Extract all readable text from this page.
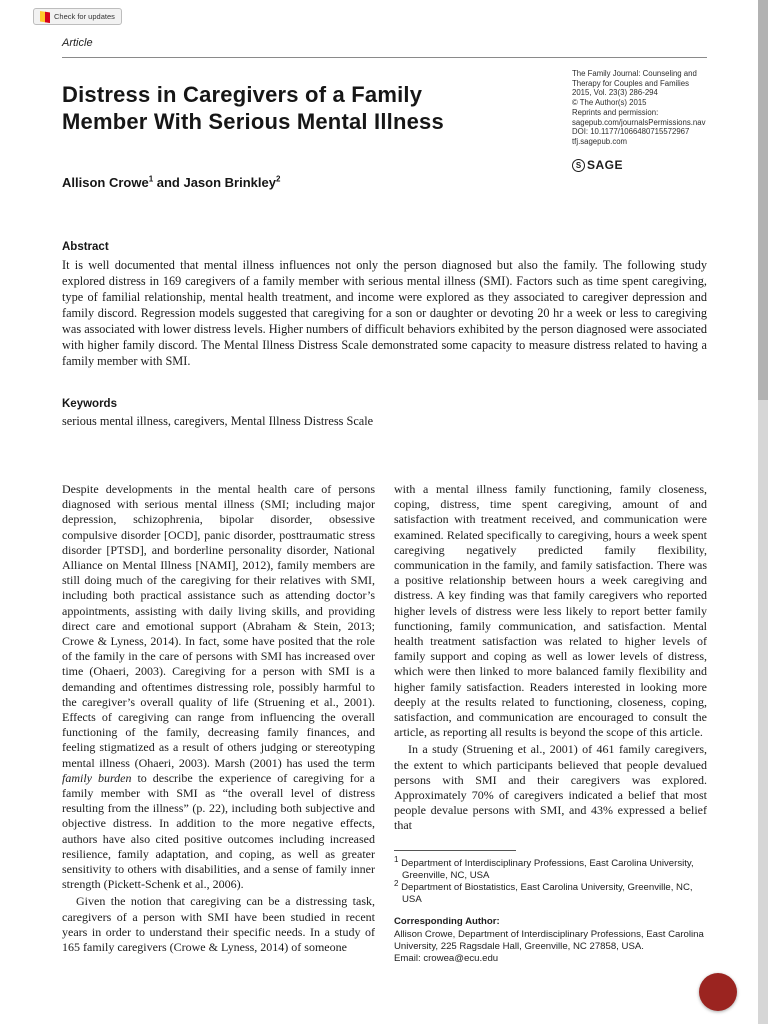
Check for updates
Article
Distress in Caregivers of a Family
Member With Serious Mental Illness
The Family Journal: Counseling and
Therapy for Couples and Families
2015, Vol. 23(3) 286-294
© The Author(s) 2015
Reprints and permission:
sagepub.com/journalsPermissions.nav
DOI: 10.1177/1066480715572967
tfj.sagepub.com
S SAGE
Allison Crowe$^1$ and Jason Brinkley$^2$
Abstract
It is well documented that mental illness influences not only the person diagnosed but also the family. The following study explored distress in 169 caregivers of a family member with serious mental illness (SMI). Factors such as time spent caregiving, type of familial relationship, mental health treatment, and income were explored as they associated to caregiver depression and family discord. Regression models suggested that caregiving for a son or daughter or devoting 20 hr a week or less to caregiving was associated with lower distress levels. Higher numbers of difficult behaviors exhibited by the person diagnosed were associated with higher family discord. The Mental Illness Distress Scale demonstrated some capacity to measure distress related to having a family member with SMI.
Keywords
serious mental illness, caregivers, Mental Illness Distress Scale

Despite developments in the mental health care of persons diagnosed with serious mental illness (SMI; including major depression, schizophrenia, bipolar disorder, obsessive compulsive disorder [OCD], panic disorder, posttraumatic stress disorder [PTSD], and borderline personality disorder, National Alliance on Mental Illness [NAMI], 2012), family members are still doing much of the caregiving for their relatives with SMI, including both practical assistance such as attending doctor’s appointments, assisting with daily living skills, and providing direct care and emotional support (Abraham & Stein, 2013; Crowe & Lyness, 2014). In fact, some have posited that the role of the family in the care of persons with SMI has increased over time (Ohaeri, 2003). Caregiving for a person with SMI is a demanding and oftentimes distressing role, possibly harmful to the caregiver’s overall quality of life (Struening et al., 2001). Effects of caregiving can range from influencing the overall functioning of the family, decreasing family finances, and feeling stigmatized as a result of others judging or stereotyping mental illness (Ohaeri, 2003). Marsh (2001) has used the term family burden to describe the experience of caregiving for a family member with SMI as “the overall level of distress resulting from the illness” (p. 22), including both subjective and objective distress. In addition to the more negative effects, authors have also cited positive outcomes including increased resilience, family adaptation, and coping, as well as greater sensitivity to others with disabilities, and a sense of family inner strength (Pickett-Schenk et al., 2006).

Given the notion that caregiving can be a distressing task, caregivers of a person with SMI have been studied in recent years in order to understand their specific needs. In a study of 165 family caregivers (Crowe & Lyness, 2014) of someone

with a mental illness family functioning, family closeness, coping, distress, time spent caregiving, amount of and satisfaction with treatment received, and communication were examined. Related specifically to caregiving, hours a week spent caregiving negatively predicted family flexibility, communication in the family, and family satisfaction. There was a positive relationship between hours a week caregiving and distress. A key finding was that family caregivers who reported higher levels of distress were less likely to report better family functioning, family communication, and satisfaction. Mental health treatment satisfaction was related to higher levels of family support and coping as well as lower levels of distress, which were then linked to more balanced family flexibility and higher family satisfaction. Readers interested in looking more deeply at the results related to functioning, closeness, coping, satisfaction, and communication are encouraged to consult the article, as reporting all results is beyond the scope of this article.

In a study (Struening et al., 2001) of 461 family caregivers, the extent to which participants believed that people devalued persons with SMI and their caregivers was explored. Approximately 70% of caregivers indicated a belief that most people devalue persons with SMI, and 43% expressed a belief that

$^1$ Department of Interdisciplinary Professions, East Carolina University, Greenville, NC, USA

$^2$ Department of Biostatistics, East Carolina University, Greenville, NC, USA

Corresponding Author:

Allison Crowe, Department of Interdisciplinary Professions, East Carolina University, 225 Ragsdale Hall, Greenville, NC 27858, USA.

Email: crowea@ecu.edu
